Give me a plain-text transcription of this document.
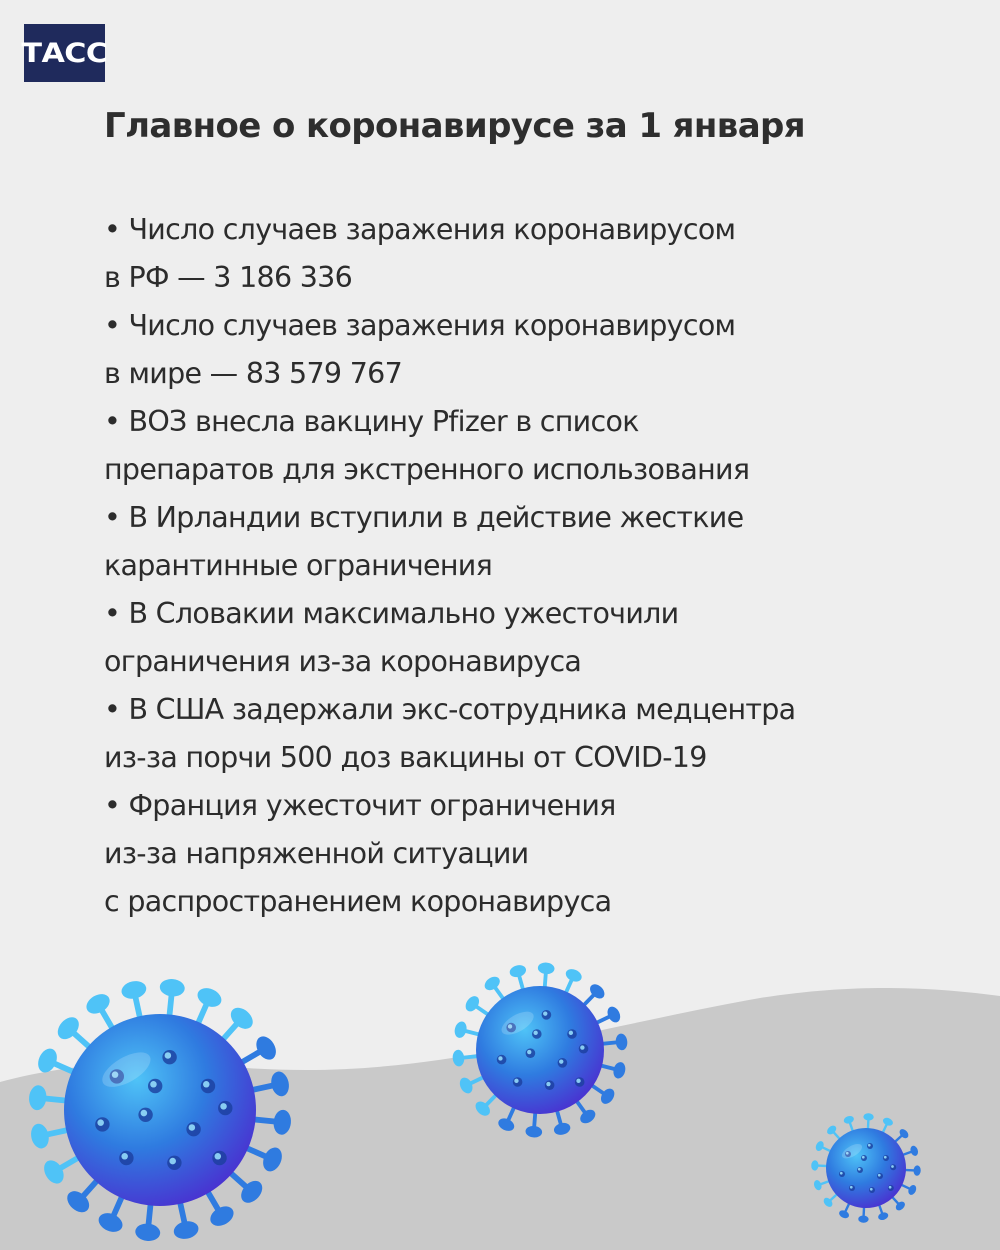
ТАСС
Главное о коронавирусе за 1 января
• Число случаев заражения коронавирусом
в РФ — 3 186 336
• Число случаев заражения коронавирусом
в мире — 83 579 767
• ВОЗ внесла вакцину Pfizer в список
препаратов для экстренного использования
• В Ирландии вступили в действие жесткие
карантинные ограничения
• В Словакии максимально ужесточили
ограничения из-за коронавируса
• В США задержали экс-сотрудника медцентра
из-за порчи 500 доз вакцины от COVID-19
• Франция ужесточит ограничения
из-за напряженной ситуации
с распространением коронавируса
